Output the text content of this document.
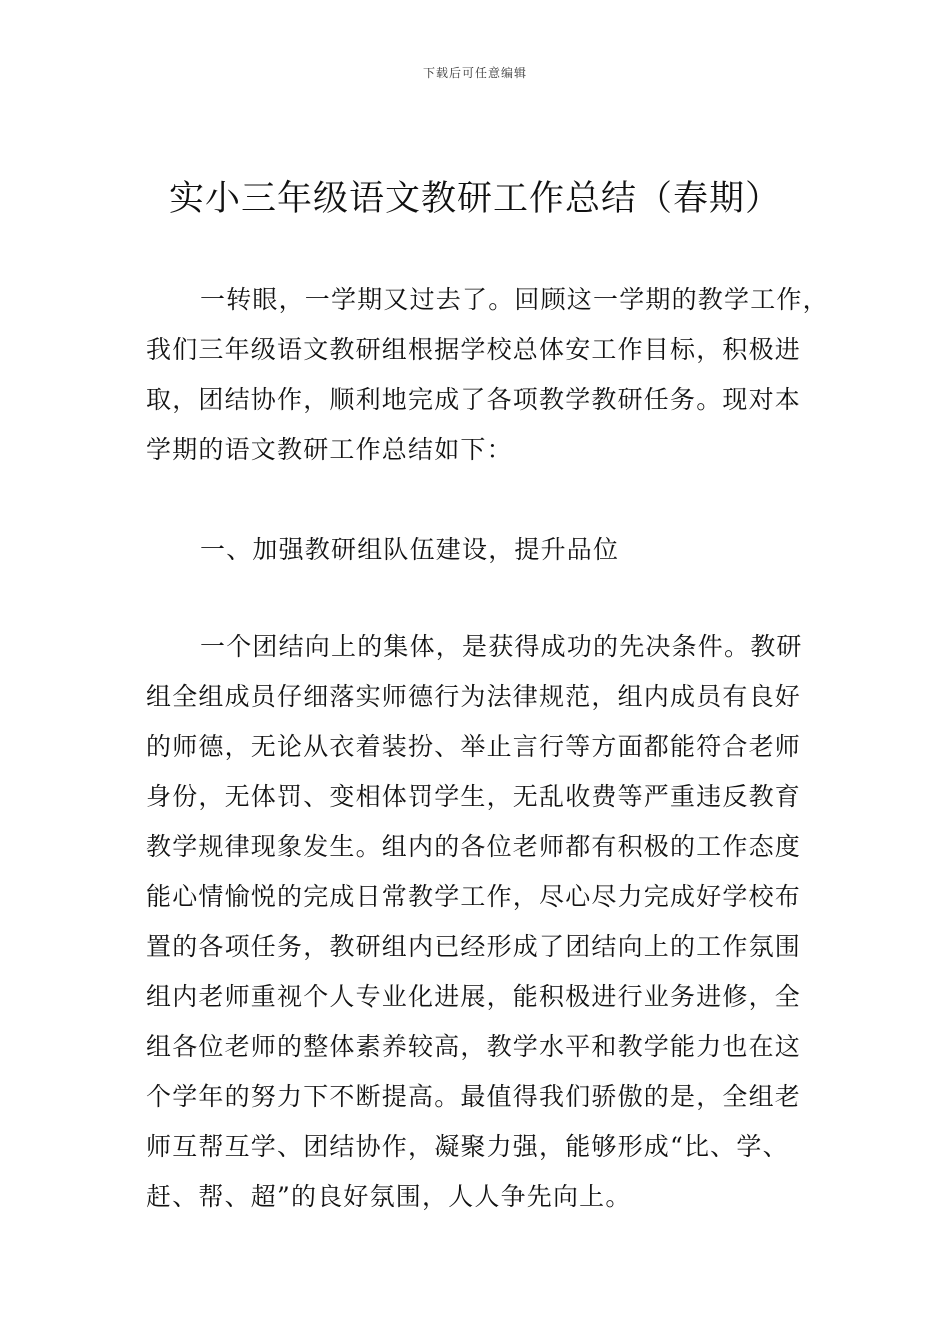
下载后可任意编辑
实小三年级语文教研工作总结（春期）
一转眼，一学期又过去了。回顾这一学期的教学工作，
我们三年级语文教研组根据学校总体安工作目标，积极进
取，团结协作，顺利地完成了各项教学教研任务。现对本
学期的语文教研工作总结如下：
一、加强教研组队伍建设，提升品位
一个团结向上的集体，是获得成功的先决条件。教研
组全组成员仔细落实师德行为法律规范，组内成员有良好
的师德，无论从衣着装扮、举止言行等方面都能符合老师
身份，无体罚、变相体罚学生，无乱收费等严重违反教育
教学规律现象发生。组内的各位老师都有积极的工作态度
能心情愉悦的完成日常教学工作，尽心尽力完成好学校布
置的各项任务，教研组内已经形成了团结向上的工作氛围
组内老师重视个人专业化进展，能积极进行业务进修，全
组各位老师的整体素养较高，教学水平和教学能力也在这
个学年的努力下不断提高。最值得我们骄傲的是，全组老
师互帮互学、团结协作，凝聚力强，能够形成“比、学、
赶、帮、超”的良好氛围，人人争先向上。
